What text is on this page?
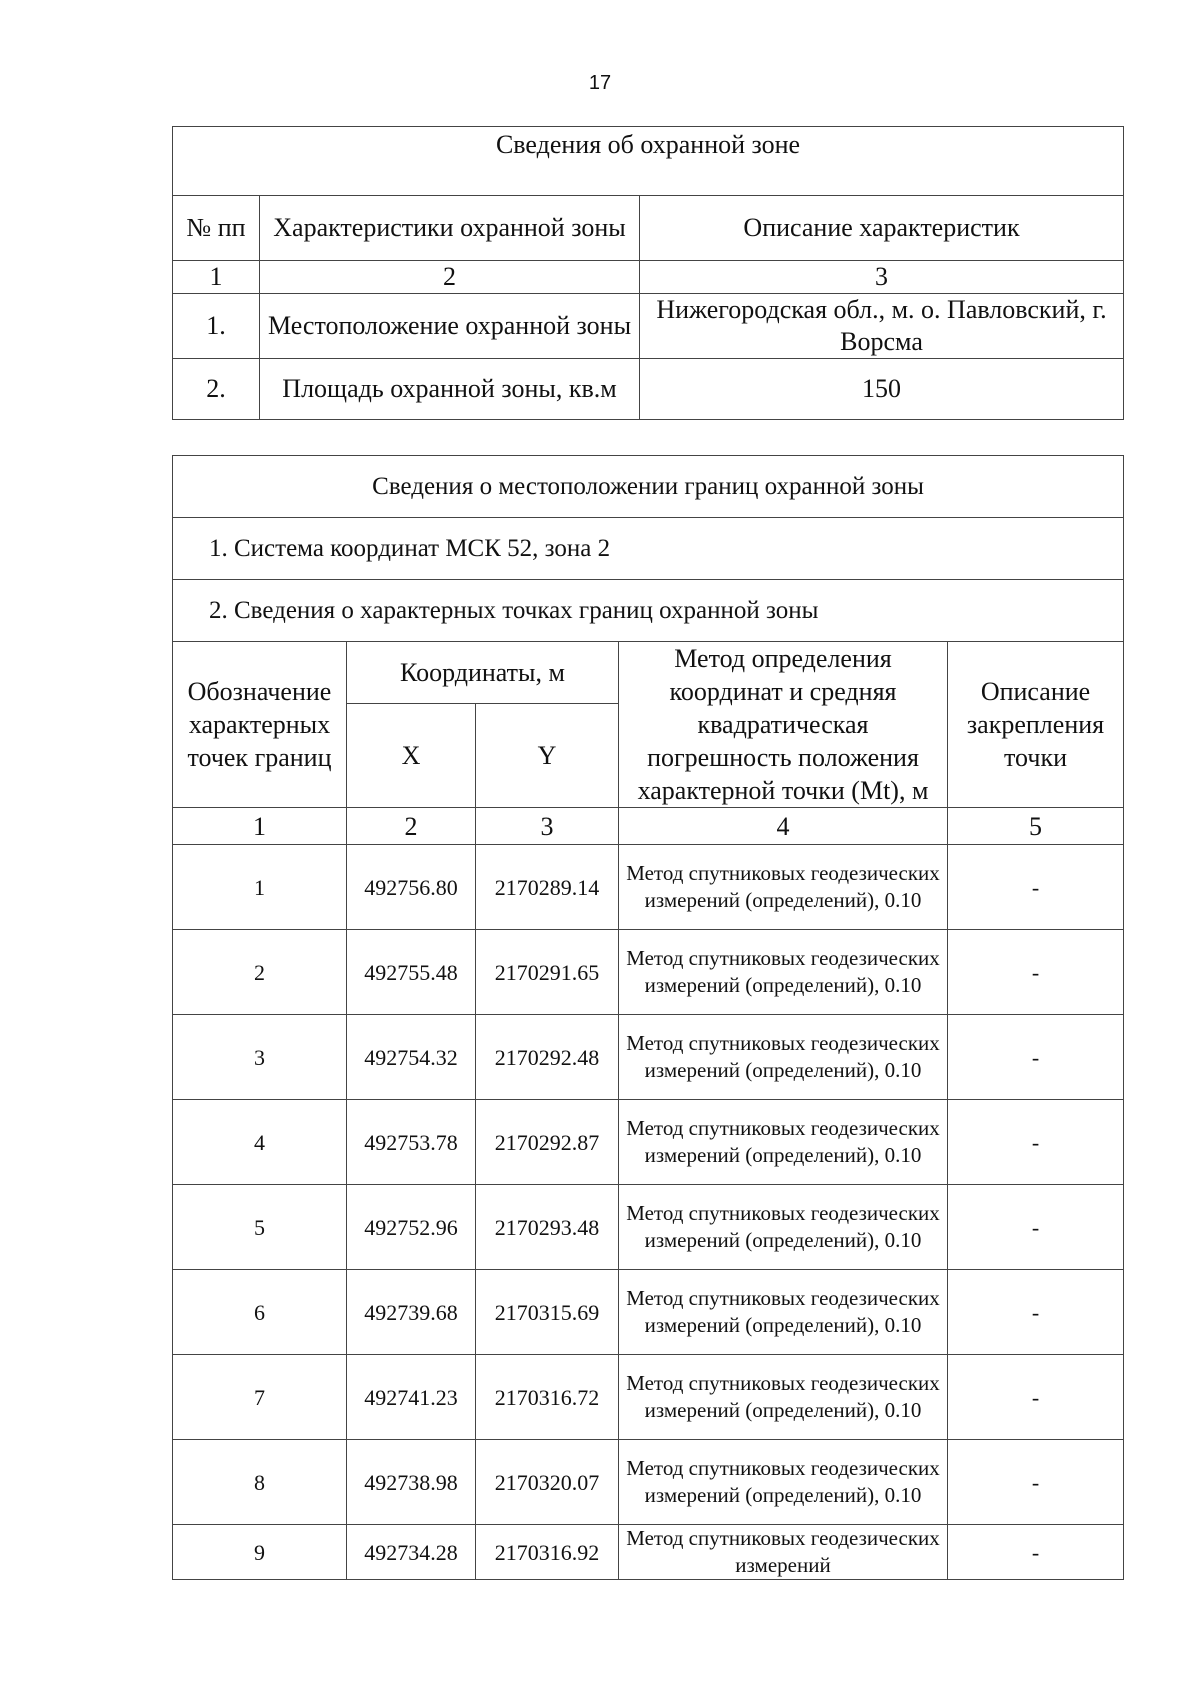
17
Сведения об охранной зоне		
№ пп	Характеристики охранной зоны	Описание характеристик
1	2	3
1.	Местоположение охранной зоны	Нижегородская обл., м. о. Павловский, г. Ворсма
2.	Площадь охранной зоны, кв.м	150
Сведения о местоположении границ охранной зоны				
1. Система координат МСК 52, зона 2				
2. Сведения о характерных точках границ охранной зоны				
Обозначение характерных точек границ	Координаты, м		Метод определения координат и средняя квадратическая погрешность положения характерной точки (Mt), м	Описание закрепления точки
	X	Y		
1	2	3	4	5
1	492756.80	2170289.14	Метод спутниковых геодезических измерений (определений), 0.10	-
2	492755.48	2170291.65	Метод спутниковых геодезических измерений (определений), 0.10	-
3	492754.32	2170292.48	Метод спутниковых геодезических измерений (определений), 0.10	-
4	492753.78	2170292.87	Метод спутниковых геодезических измерений (определений), 0.10	-
5	492752.96	2170293.48	Метод спутниковых геодезических измерений (определений), 0.10	-
6	492739.68	2170315.69	Метод спутниковых геодезических измерений (определений), 0.10	-
7	492741.23	2170316.72	Метод спутниковых геодезических измерений (определений), 0.10	-
8	492738.98	2170320.07	Метод спутниковых геодезических измерений (определений), 0.10	-
9	492734.28	2170316.92	Метод спутниковых геодезических измерений	-
